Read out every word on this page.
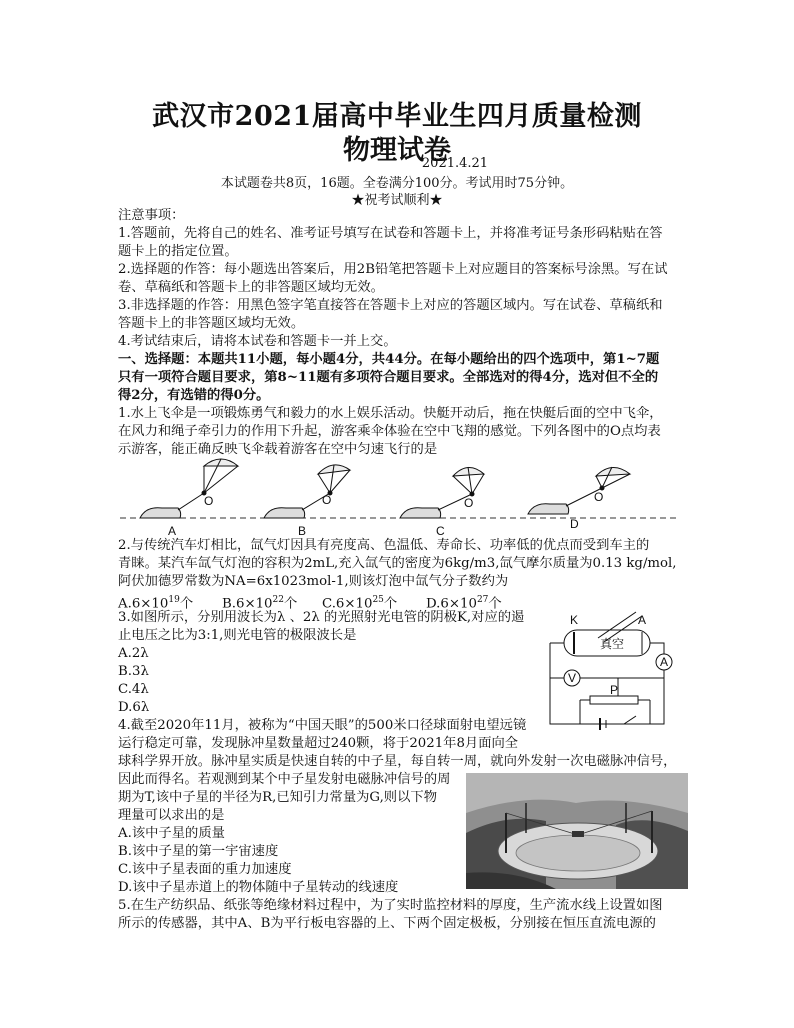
武汉市2021届高中毕业生四月质量检测
物理试卷
2021.4.21
本试题卷共8页，16题。全卷满分100分。考试用时75分钟。
★祝考试顺利★
注意事项：
1.答题前，先将自己的姓名、准考证号填写在试卷和答题卡上，并将准考证号条形码粘贴在答
题卡上的指定位置。
2.选择题的作答：每小题选出答案后，用2B铅笔把答题卡上对应题目的答案标号涂黑。写在试
卷、草稿纸和答题卡上的非答题区域均无效。
3.非选择题的作答：用黑色签字笔直接答在答题卡上对应的答题区域内。写在试卷、草稿纸和
答题卡上的非答题区域均无效。
4.考试结束后，请将本试卷和答题卡一并上交。
一、选择题：本题共11小题，每小题4分，共44分。在每小题给出的四个选项中，第1~7题
只有一项符合题目要求，第8~11题有多项符合题目要求。全部选对的得4分，选对但不全的
得2分，有选错的得0分。
1.水上飞伞是一项锻炼勇气和毅力的水上娱乐活动。快艇开动后，拖在快艇后面的空中飞伞，
在风力和绳子牵引力的作用下升起，游客乘伞体验在空中飞翔的感觉。下列各图中的O点均表
示游客，能正确反映飞伞载着游客在空中匀速飞行的是
O
A
O
B
O
C
O
D
2.与传统汽车灯相比，氙气灯因具有亮度高、色温低、寿命长、功率低的优点而受到车主的
青睐。某汽车氙气灯泡的容积为2mL,充入氙气的密度为6kg/m3,氙气摩尔质量为0.13 kg/mol,
阿伏加德罗常数为NA=6x1023mol-1,则该灯泡中氙气分子数约为
$A.6\times 10^{19}$个 $B.6\times 10^{22}$个 $C.6\times 10^{25}$个 $D.6\times 10^{27}$个
3.如图所示，分别用波长为λ 、2λ 的光照射光电管的阴极K,对应的遏
止电压之比为3:1,则光电管的极限波长是
A.2λ
B.3λ
C.4λ
D.6λ
K	A
真空
A
V
P
4.截至2020年11月，被称为“中国天眼”的500米口径球面射电望远镜
运行稳定可靠，发现脉冲星数量超过240颗，将于2021年8月面向全
球科学界开放。脉冲星实质是快速自转的中子星，每自转一周，就向外发射一次电磁脉冲信号，
因此而得名。若观测到某个中子星发射电磁脉冲信号的周
期为T,该中子星的半径为R,已知引力常量为G,则以下物
理量可以求出的是
A.该中子星的质量
B.该中子星的第一宇宙速度
C.该中子星表面的重力加速度
D.该中子星赤道上的物体随中子星转动的线速度
5.在生产纺织品、纸张等绝缘材料过程中，为了实时监控材料的厚度，生产流水线上设置如图
所示的传感器，其中A、B为平行板电容器的上、下两个固定极板，分别接在恒压直流电源的
